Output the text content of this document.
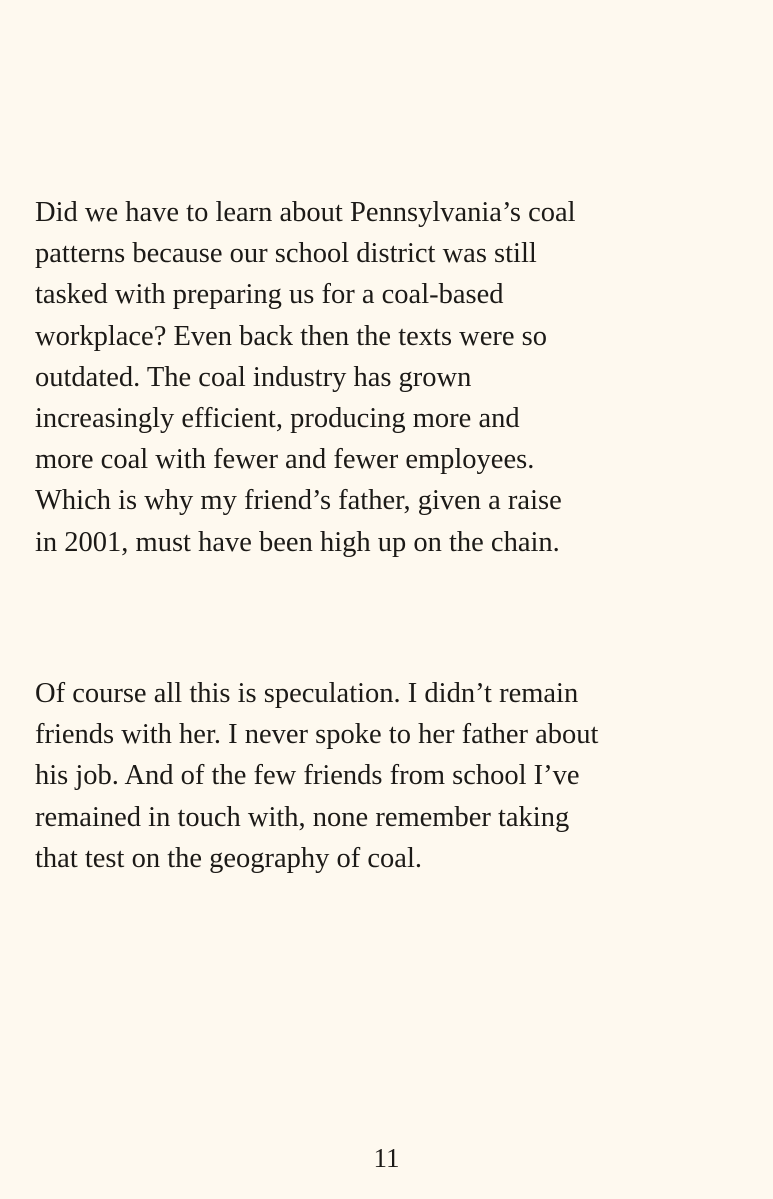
Did we have to learn about Pennsylvania’s coal
patterns because our school district was still
tasked with preparing us for a coal-based
workplace? Even back then the texts were so
outdated. The coal industry has grown
increasingly efficient, producing more and
more coal with fewer and fewer employees.
Which is why my friend’s father, given a raise
in 2001, must have been high up on the chain.

Of course all this is speculation. I didn’t remain
friends with her. I never spoke to her father about
his job. And of the few friends from school I’ve
remained in touch with, none remember taking
that test on the geography of coal.

11
